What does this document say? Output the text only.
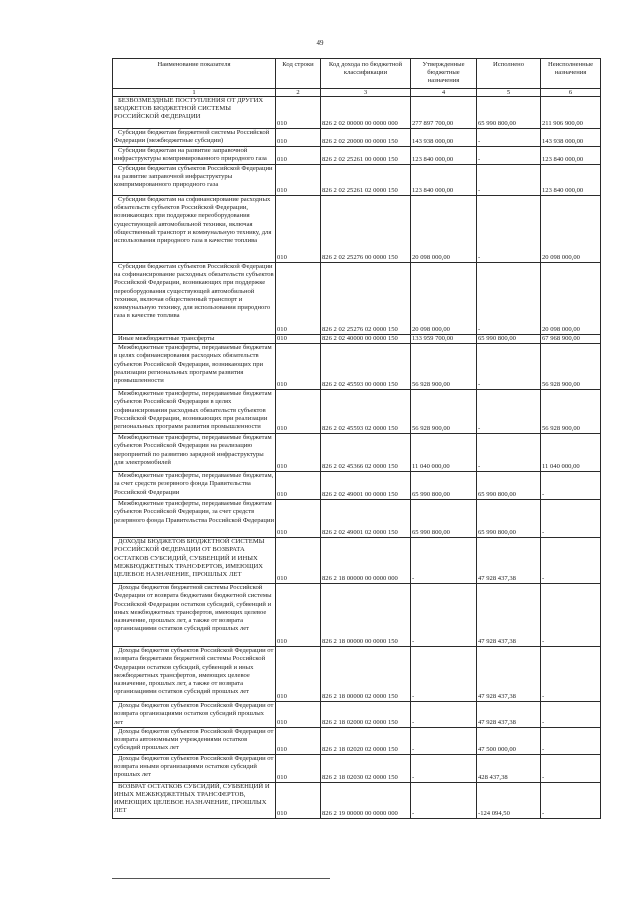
49
Наименование показателя	Код строки	Код дохода по бюджетной классификации	Утвержденные бюджетные назначения	Исполнено	Неисполненные назначения
1	2	3	4	5	6
БЕЗВОЗМЕЗДНЫЕ ПОСТУПЛЕНИЯ ОТ ДРУГИХ БЮДЖЕТОВ БЮДЖЕТНОЙ СИСТЕМЫ РОССИЙСКОЙ ФЕДЕРАЦИИ	010	826 2 02 00000 00 0000 000	277 897 700,00	65 990 800,00	211 906 900,00
Субсидии бюджетам бюджетной системы Российской Федерации (межбюджетные субсидии)	010	826 2 02 20000 00 0000 150	143 938 000,00	-	143 938 000,00
Субсидии бюджетам на развитие заправочной инфраструктуры компримированного природного газа	010	826 2 02 25261 00 0000 150	123 840 000,00	-	123 840 000,00
Субсидии бюджетам субъектов Российской Федерации на развитие заправочной инфраструктуры компримированного природного газа	010	826 2 02 25261 02 0000 150	123 840 000,00	-	123 840 000,00
Субсидии бюджетам на софинансирование расходных обязательств субъектов Российской Федерации, возникающих при поддержке переоборудования существующей автомобильной техники, включая общественный транспорт и коммунальную технику, для использования природного газа в качестве топлива	010	826 2 02 25276 00 0000 150	20 098 000,00	-	20 098 000,00
Субсидии бюджетам субъектов Российской Федерации на софинансирование расходных обязательств субъектов Российской Федерации, возникающих при поддержке переоборудования существующей автомобильной техники, включая общественный транспорт и коммунальную технику, для использования природного газа в качестве топлива	010	826 2 02 25276 02 0000 150	20 098 000,00	-	20 098 000,00
Иные межбюджетные трансферты	010	826 2 02 40000 00 0000 150	133 959 700,00	65 990 800,00	67 968 900,00
Межбюджетные трансферты, передаваемые бюджетам в целях софинансирования расходных обязательств субъектов Российской Федерации, возникающих при реализации региональных программ развития промышленности	010	826 2 02 45593 00 0000 150	56 928 900,00	-	56 928 900,00
Межбюджетные трансферты, передаваемые бюджетам субъектов Российской Федерации в целях софинансирования расходных обязательств субъектов Российской Федерации, возникающих при реализации региональных программ развития промышленности	010	826 2 02 45593 02 0000 150	56 928 900,00	-	56 928 900,00
Межбюджетные трансферты, передаваемые бюджетам субъектов Российской Федерации на реализацию мероприятий по развитию зарядной инфраструктуры для электромобилей	010	826 2 02 45366 02 0000 150	11 040 000,00	-	11 040 000,00
Межбюджетные трансферты, передаваемые бюджетам, за счет средств резервного фонда Правительства Российской Федерации	010	826 2 02 49001 00 0000 150	65 990 800,00	65 990 800,00	-
Межбюджетные трансферты, передаваемые бюджетам субъектов Российской Федерации, за счет средств резервного фонда Правительства Российской Федерации	010	826 2 02 49001 02 0000 150	65 990 800,00	65 990 800,00	-
ДОХОДЫ БЮДЖЕТОВ БЮДЖЕТНОЙ СИСТЕМЫ РОССИЙСКОЙ ФЕДЕРАЦИИ ОТ ВОЗВРАТА ОСТАТКОВ СУБСИДИЙ, СУБВЕНЦИЙ И ИНЫХ МЕЖБЮДЖЕТНЫХ ТРАНСФЕРТОВ, ИМЕЮЩИХ ЦЕЛЕВОЕ НАЗНАЧЕНИЕ, ПРОШЛЫХ ЛЕТ	010	826 2 18 00000 00 0000 000	-	47 928 437,38	-
Доходы бюджетов бюджетной системы Российской Федерации от возврата бюджетами бюджетной системы Российской Федерации остатков субсидий, субвенций и иных межбюджетных трансфертов, имеющих целевое назначение, прошлых лет, а также от возврата организациями остатков субсидий прошлых лет	010	826 2 18 00000 00 0000 150	-	47 928 437,38	-
Доходы бюджетов субъектов Российской Федерации от возврата бюджетами бюджетной системы Российской Федерации остатков субсидий, субвенций и иных межбюджетных трансфертов, имеющих целевое назначение, прошлых лет, а также от возврата организациями остатков субсидий прошлых лет	010	826 2 18 00000 02 0000 150	-	47 928 437,38	-
Доходы бюджетов субъектов Российской Федерации от возврата организациями остатков субсидий прошлых лет	010	826 2 18 02000 02 0000 150	-	47 928 437,38	-
Доходы бюджетов субъектов Российской Федерации от возврата автономными учреждениями остатков субсидий прошлых лет	010	826 2 18 02020 02 0000 150	-	47 500 000,00	-
Доходы бюджетов субъектов Российской Федерации от возврата иными организациями остатков субсидий прошлых лет	010	826 2 18 02030 02 0000 150	-	428 437,38	-
ВОЗВРАТ ОСТАТКОВ СУБСИДИЙ, СУБВЕНЦИЙ И ИНЫХ МЕЖБЮДЖЕТНЫХ ТРАНСФЕРТОВ, ИМЕЮЩИХ ЦЕЛЕВОЕ НАЗНАЧЕНИЕ, ПРОШЛЫХ ЛЕТ	010	826 2 19 00000 00 0000 000	-	-124 094,50	-
